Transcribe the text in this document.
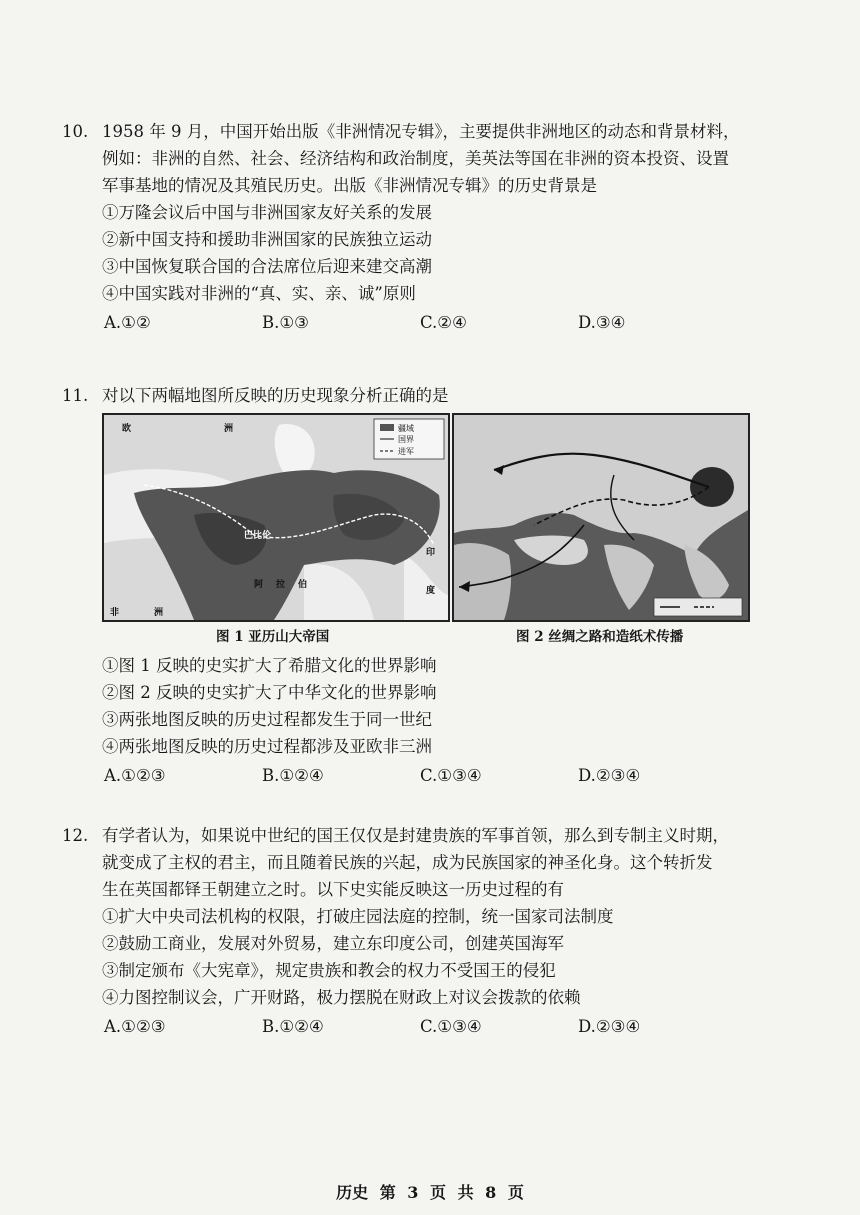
10. 1958 年 9 月，中国开始出版《非洲情况专辑》，主要提供非洲地区的动态和背景材料，
例如：非洲的自然、社会、经济结构和政治制度，美英法等国在非洲的资本投资、设置
军事基地的情况及其殖民历史。出版《非洲情况专辑》的历史背景是
①万隆会议后中国与非洲国家友好关系的发展
②新中国支持和援助非洲国家的民族独立运动
③中国恢复联合国的合法席位后迎来建交高潮
④中国实践对非洲的“真、实、亲、诚”原则
A.①②	B.①③	C.②④	D.③④
11. 对以下两幅地图所反映的历史现象分析正确的是
疆域
国界
进军
欧	洲
巴比伦
印
度
非	洲
阿 拉 伯
图 1 亚历山大帝国	图 2 丝绸之路和造纸术传播
①图 1 反映的史实扩大了希腊文化的世界影响
②图 2 反映的史实扩大了中华文化的世界影响
③两张地图反映的历史过程都发生于同一世纪
④两张地图反映的历史过程都涉及亚欧非三洲
A.①②③	B.①②④	C.①③④	D.②③④
12. 有学者认为，如果说中世纪的国王仅仅是封建贵族的军事首领，那么到专制主义时期，
就变成了主权的君主，而且随着民族的兴起，成为民族国家的神圣化身。这个转折发
生在英国都铎王朝建立之时。以下史实能反映这一历史过程的有
①扩大中央司法机构的权限，打破庄园法庭的控制，统一国家司法制度
②鼓励工商业，发展对外贸易，建立东印度公司，创建英国海军
③制定颁布《大宪章》，规定贵族和教会的权力不受国王的侵犯
④力图控制议会，广开财路，极力摆脱在财政上对议会拨款的依赖
A.①②③	B.①②④	C.①③④	D.②③④
历史 第 3 页 共 8 页
